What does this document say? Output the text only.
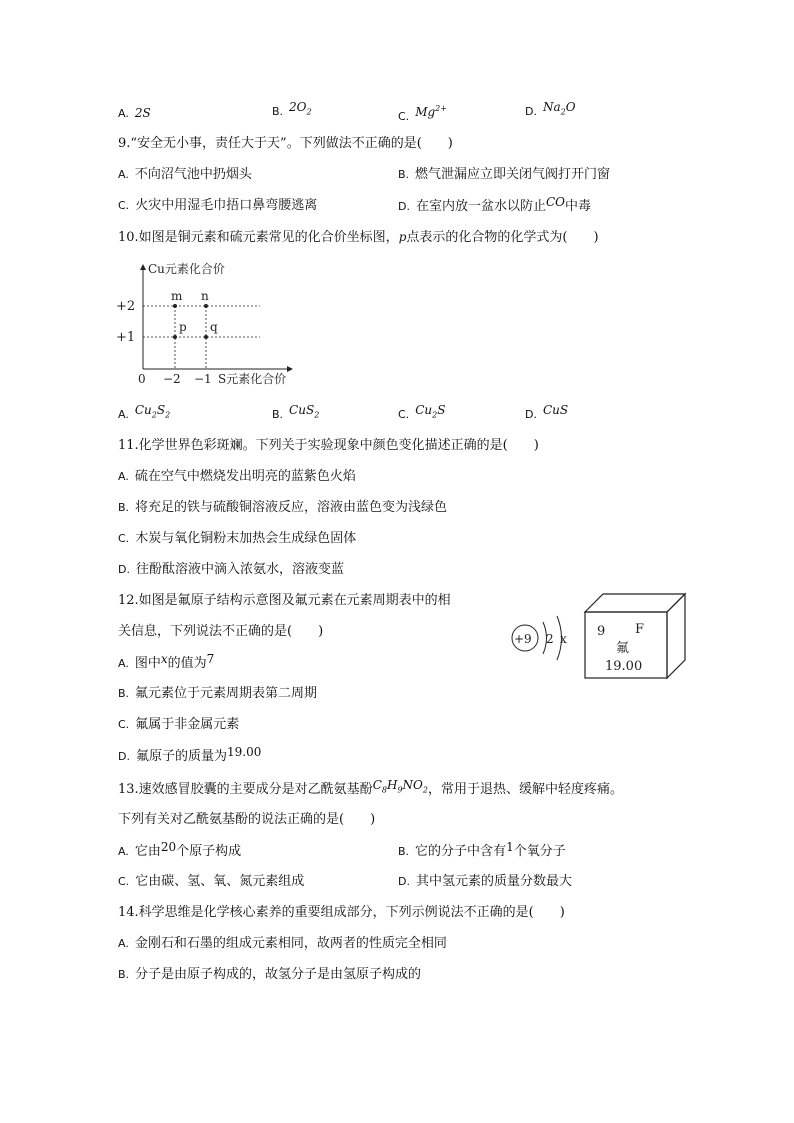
A. 2S	B. $2O_2$	C. $Mg^{2+}$	D. $Na_2O$
9.“安全无小事，责任大于天”。下列做法不正确的是(　　)
A. 不向沼气池中扔烟头	B. 燃气泄漏应立即关闭气阀打开门窗
C. 火灾中用湿毛巾捂口鼻弯腰逃离	D. 在室内放一盆水以防止CO中毒
10.如图是铜元素和硫元素常见的化合价坐标图，p点表示的化合物的化学式为(　　)
Cu元素化合价
S元素化合价
+2
+1
0 −2 −1
m n
p q
A. $Cu_2S_2$	B. CuS$_2$	C. $Cu_2S$	D. CuS
11.化学世界色彩斑斓。下列关于实验现象中颜色变化描述正确的是(　　)
A. 硫在空气中燃烧发出明亮的蓝紫色火焰
B. 将充足的铁与硫酸铜溶液反应，溶液由蓝色变为浅绿色
C. 木炭与氧化铜粉末加热会生成绿色固体
D. 往酚酞溶液中滴入浓氨水，溶液变蓝
12.如图是氟原子结构示意图及氟元素在元素周期表中的相
关信息，下列说法不正确的是(　　)	+9 2 x 9 F
氟
19.00
A. 图中x的值为7
B. 氟元素位于元素周期表第二周期
C. 氟属于非金属元素
D. 氟原子的质量为19.00
13.速效感冒胶囊的主要成分是对乙酰氨基酚$C_8H_9NO_2$，常用于退热、缓解中轻度疼痛。
下列有关对乙酰氨基酚的说法正确的是(　　)
A. 它由20个原子构成	B. 它的分子中含有1个氧分子
C. 它由碳、氢、氧、氮元素组成	D. 其中氢元素的质量分数最大
14.科学思维是化学核心素养的重要组成部分，下列示例说法不正确的是(　　)
A. 金刚石和石墨的组成元素相同，故两者的性质完全相同
B. 分子是由原子构成的，故氢分子是由氢原子构成的
